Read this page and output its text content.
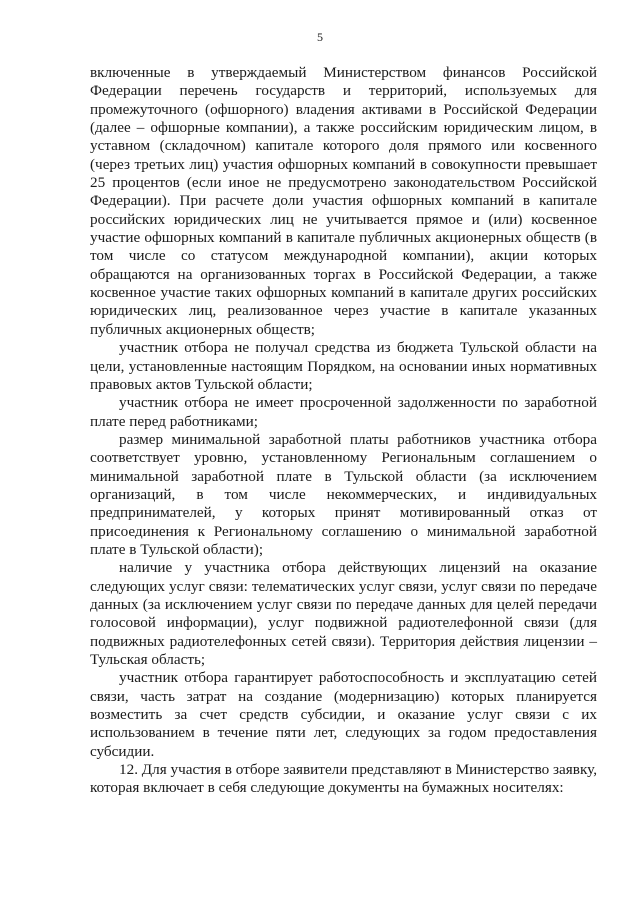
5

включенные в утверждаемый Министерством финансов Российской Федерации перечень государств и территорий, используемых для промежуточного (офшорного) владения активами в Российской Федерации (далее – офшорные компании), а также российским юридическим лицом, в уставном (складочном) капитале которого доля прямого или косвенного (через третьих лиц) участия офшорных компаний в совокупности превышает 25 процентов (если иное не предусмотрено законодательством Российской Федерации). При расчете доли участия офшорных компаний в капитале российских юридических лиц не учитывается прямое и (или) косвенное участие офшорных компаний в капитале публичных акционерных обществ (в том числе со статусом международной компании), акции которых обращаются на организованных торгах в Российской Федерации, а также косвенное участие таких офшорных компаний в капитале других российских юридических лиц, реализованное через участие в капитале указанных публичных акционерных обществ;

участник отбора не получал средства из бюджета Тульской области на цели, установленные настоящим Порядком, на основании иных нормативных правовых актов Тульской области;

участник отбора не имеет просроченной задолженности по заработной плате перед работниками;

размер минимальной заработной платы работников участника отбора соответствует уровню, установленному Региональным соглашением о минимальной заработной плате в Тульской области (за исключением организаций, в том числе некоммерческих, и индивидуальных предпринимателей, у которых принят мотивированный отказ от присоединения к Региональному соглашению о минимальной заработной плате в Тульской области);

наличие у участника отбора действующих лицензий на оказание следующих услуг связи: телематических услуг связи, услуг связи по передаче данных (за исключением услуг связи по передаче данных для целей передачи голосовой информации), услуг подвижной радиотелефонной связи (для подвижных радиотелефонных сетей связи). Территория действия лицензии – Тульская область;

участник отбора гарантирует работоспособность и эксплуатацию сетей связи, часть затрат на создание (модернизацию) которых планируется возместить за счет средств субсидии, и оказание услуг связи с их использованием в течение пяти лет, следующих за годом предоставления субсидии.

12. Для участия в отборе заявители представляют в Министерство заявку, которая включает в себя следующие документы на бумажных носителях:
